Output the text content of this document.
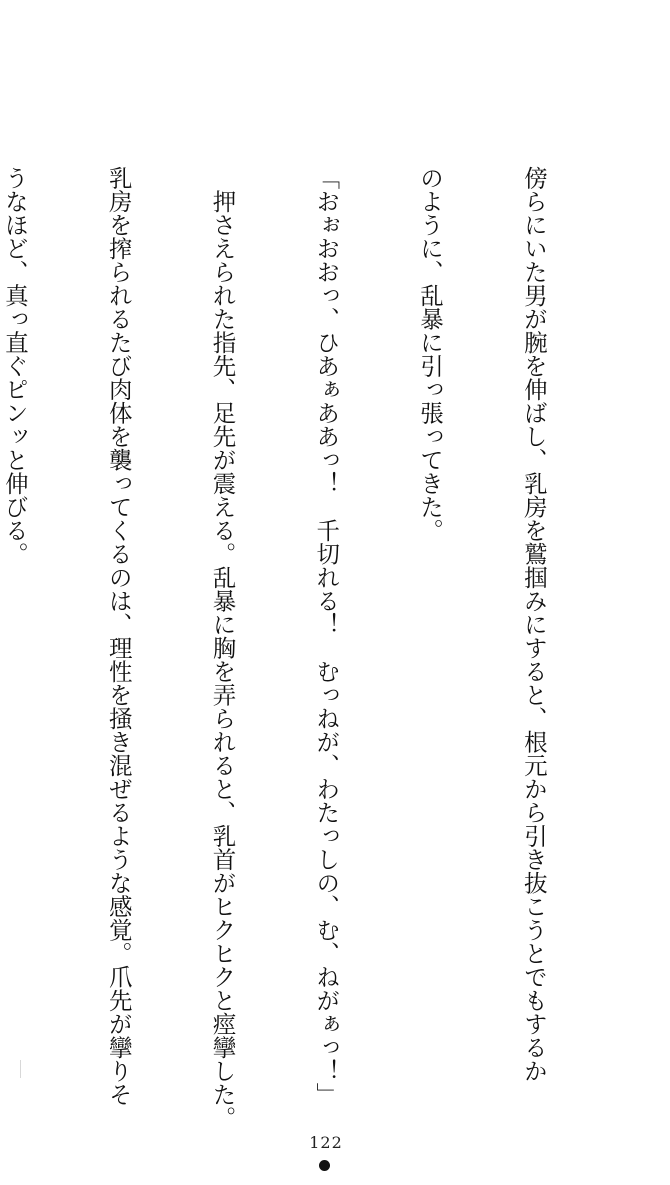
傍らにいた男が腕を伸ばし、乳房を鷲掴みにすると、根元から引き抜こうとでもするか

のように、乱暴に引っ張ってきた。

「おぉおおっ、ひあぁああっ！　千切れる！　むっねが、わたっしの、む、ねがぁっ！」

　押さえられた指先、足先が震える。乱暴に胸を弄られると、乳首がヒクヒクと痙攣した。

乳房を搾られるたび肉体を襲ってくるのは、理性を掻き混ぜるような感覚。爪先が攣りそ

うなほど、真っ直ぐピンッと伸びる。

122
